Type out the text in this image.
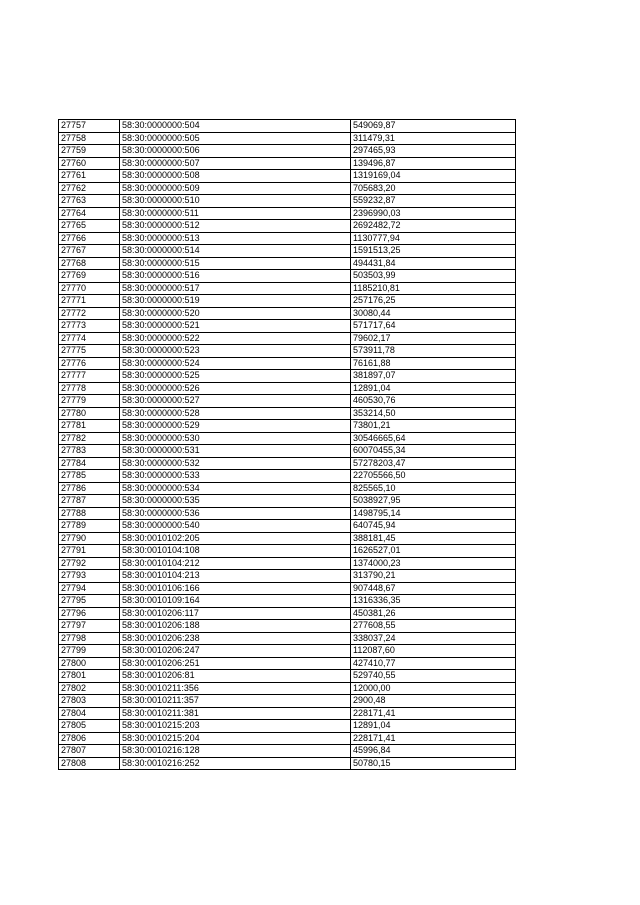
27757	58:30:0000000:504	549069,87
27758	58:30:0000000:505	311479,31
27759	58:30:0000000:506	297465,93
27760	58:30:0000000:507	139496,87
27761	58:30:0000000:508	1319169,04
27762	58:30:0000000:509	705683,20
27763	58:30:0000000:510	559232,87
27764	58:30:0000000:511	2396990,03
27765	58:30:0000000:512	2692482,72
27766	58:30:0000000:513	1130777,94
27767	58:30:0000000:514	1591513,25
27768	58:30:0000000:515	494431,84
27769	58:30:0000000:516	503503,99
27770	58:30:0000000:517	1185210,81
27771	58:30:0000000:519	257176,25
27772	58:30:0000000:520	30080,44
27773	58:30:0000000:521	571717,64
27774	58:30:0000000:522	79602,17
27775	58:30:0000000:523	573911,78
27776	58:30:0000000:524	76161,88
27777	58:30:0000000:525	381897,07
27778	58:30:0000000:526	12891,04
27779	58:30:0000000:527	460530,76
27780	58:30:0000000:528	353214,50
27781	58:30:0000000:529	73801,21
27782	58:30:0000000:530	30546665,64
27783	58:30:0000000:531	60070455,34
27784	58:30:0000000:532	57278203,47
27785	58:30:0000000:533	22705566,50
27786	58:30:0000000:534	825565,10
27787	58:30:0000000:535	5038927,95
27788	58:30:0000000:536	1498795,14
27789	58:30:0000000:540	640745,94
27790	58:30:0010102:205	388181,45
27791	58:30:0010104:108	1626527,01
27792	58:30:0010104:212	1374000,23
27793	58:30:0010104:213	313790,21
27794	58:30:0010106:166	907448,67
27795	58:30:0010109:164	1316336,35
27796	58:30:0010206:117	450381,26
27797	58:30:0010206:188	277608,55
27798	58:30:0010206:238	338037,24
27799	58:30:0010206:247	112087,60
27800	58:30:0010206:251	427410,77
27801	58:30:0010206:81	529740,55
27802	58:30:0010211:356	12000,00
27803	58:30:0010211:357	2900,48
27804	58:30:0010211:381	228171,41
27805	58:30:0010215:203	12891,04
27806	58:30:0010215:204	228171,41
27807	58:30:0010216:128	45996,84
27808	58:30:0010216:252	50780,15
